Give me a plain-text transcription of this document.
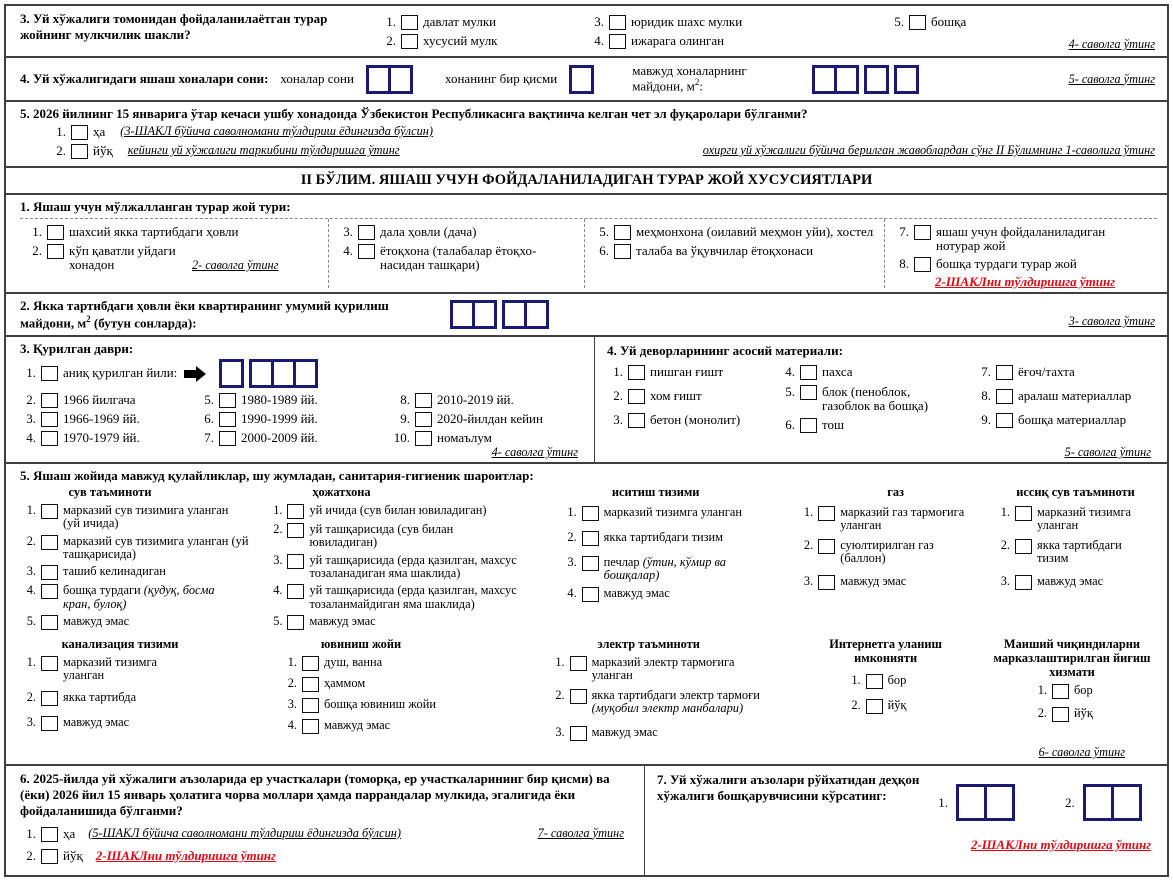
3. Уй хўжалиги томонидан фойдаланилаётган турар жойнинг мулкчилик шакли?
1. давлат мулки
2. хусусий мулк
3. юридик шахс мулки
4. ижарага олинган
5. бошқа
4- саволга ўтинг
4. Уй хўжалигидаги яшаш хоналари сони: хоналар сони	хонанинг бир қисми
мавжуд хоналарнинг майдони, $м^2$:
5- саволга ўтинг
5. 2026 йилнинг 15 январига ўтар кечаси ушбу хонадонда Ўзбекистон Республикасига вақтинча келган чет эл фуқаролари бўлганми?
1. ҳа (3-ШАКЛ бўйича саволномани тўлдириш ёдингизда бўлсин)
2. йўқ кейинги уй хўжалиги таркибини тўлдиришга ўтинг	охирги уй хўжалиги бўйича берилган жавоблардан сўнг II Бўлимнинг 1-саволига ўтинг
II БЎЛИМ. ЯШАШ УЧУН ФОЙДАЛАНИЛАДИГАН ТУРАР ЖОЙ ХУСУСИЯТЛАРИ
1. Яшаш учун мўлжалланган турар жой тури:
1. шахсий якка тартибдаги ҳовли
2. кўп қаватли уйдаги хонадон	2- саволга ўтинг
3. дала ҳовли (дача)
4. ётоқхона (талабалар ётоқхо-насидан ташқари)
5. меҳмонхона (оилавий меҳмон уйи), хостел
6. талаба ва ўқувчилар ётоқхонаси
7. яшаш учун фойдаланиладиган нотурар жой
8. бошқа турдаги турар жой
2-ШАКЛни тўлдиришга ўтинг
2. Якка тартибдаги ҳовли ёки квартиранинг умумий қурилиш майдони, $м^2$ (бутун сонларда):	3- саволга ўтинг
3. Қурилган даври:
1. аниқ қурилган йили:
2. 1966 йилгача
3. 1966-1969 йй.
4. 1970-1979 йй.
5. 1980-1989 йй.
6. 1990-1999 йй.
7. 2000-2009 йй.
8. 2010-2019 йй.
9. 2020-йилдан кейин
10. номаълум
4- саволга ўтинг
4. Уй деворларининг асосий материали:
1. пишган ғишт
2. хом ғишт
3. бетон (монолит)
4. пахса
5. блок (пеноблок, газоблок ва бошқа)
6. тош
7. ёғоч/тахта
8. аралаш материаллар
9. бошқа материаллар
5- саволга ўтинг
5. Яшаш жойида мавжуд қулайликлар, шу жумладан, санитария-гигиеник шароитлар:
сув таъминоти
1. марказий сув тизимига уланган (уй ичида)
2. марказий сув тизимига уланган (уй ташқарисида)
3. ташиб келинадиган
4. бошқа турдаги (қудуқ, босма кран, булоқ)
5. мавжуд эмас
ҳожатхона
1. уй ичида (сув билан ювиладиган)
2. уй ташқарисида (сув билан ювиладиган)
3. уй ташқарисида (ерда қазилган, махсус тозаланадиган яма шаклида)
4. уй ташқарисида (ерда қазилган, махсус тозаланмайдиган яма шаклида)
5. мавжуд эмас
иситиш тизими
1. марказий тизимга уланган
2. якка тартибдаги тизим
3. печлар (ўтин, кўмир ва бошқалар)
4. мавжуд эмас
газ
1. марказий газ тармоғига уланган
2. суюлтирилган газ (баллон)
3. мавжуд эмас
иссиқ сув таъминоти
1. марказий тизимга уланган
2. якка тартибдаги тизим
3. мавжуд эмас
канализация тизими
1. марказий тизимга уланган
2. якка тартибда
3. мавжуд эмас
ювиниш жойи
1. душ, ванна
2. ҳаммом
3. бошқа ювиниш жойи
4. мавжуд эмас
электр таъминоти
1. марказий электр тармоғига уланган
2. якка тартибдаги электр тармоғи (муқобил электр манбалари)
3. мавжуд эмас
Интернетга уланиш имконияти
1. бор
2. йўқ
Маиший чиқиндиларни марказлаштирилган йиғиш хизмати
1. бор
2. йўқ
6- саволга ўтинг
6. 2025-йилда уй хўжалиги аъзоларида ер участкалари (томорқа, ер участкаларининг бир қисми) ва (ёки) 2026 йил 15 январь ҳолатига чорва моллари ҳамда паррандалар мулкида, эгалигида ёки фойдаланишида бўлганми?
1. ҳа (5-ШАКЛ бўйича саволномани тўлдириш ёдингизда бўлсин)	7- саволга ўтинг
2. йўқ 2-ШАКЛни тўлдиришга ўтинг
7. Уй хўжалиги аъзолари рўйхатидан деҳқон хўжалиги бошқарувчисини кўрсатинг:	1.	2.
2-ШАКЛни тўлдиришга ўтинг
